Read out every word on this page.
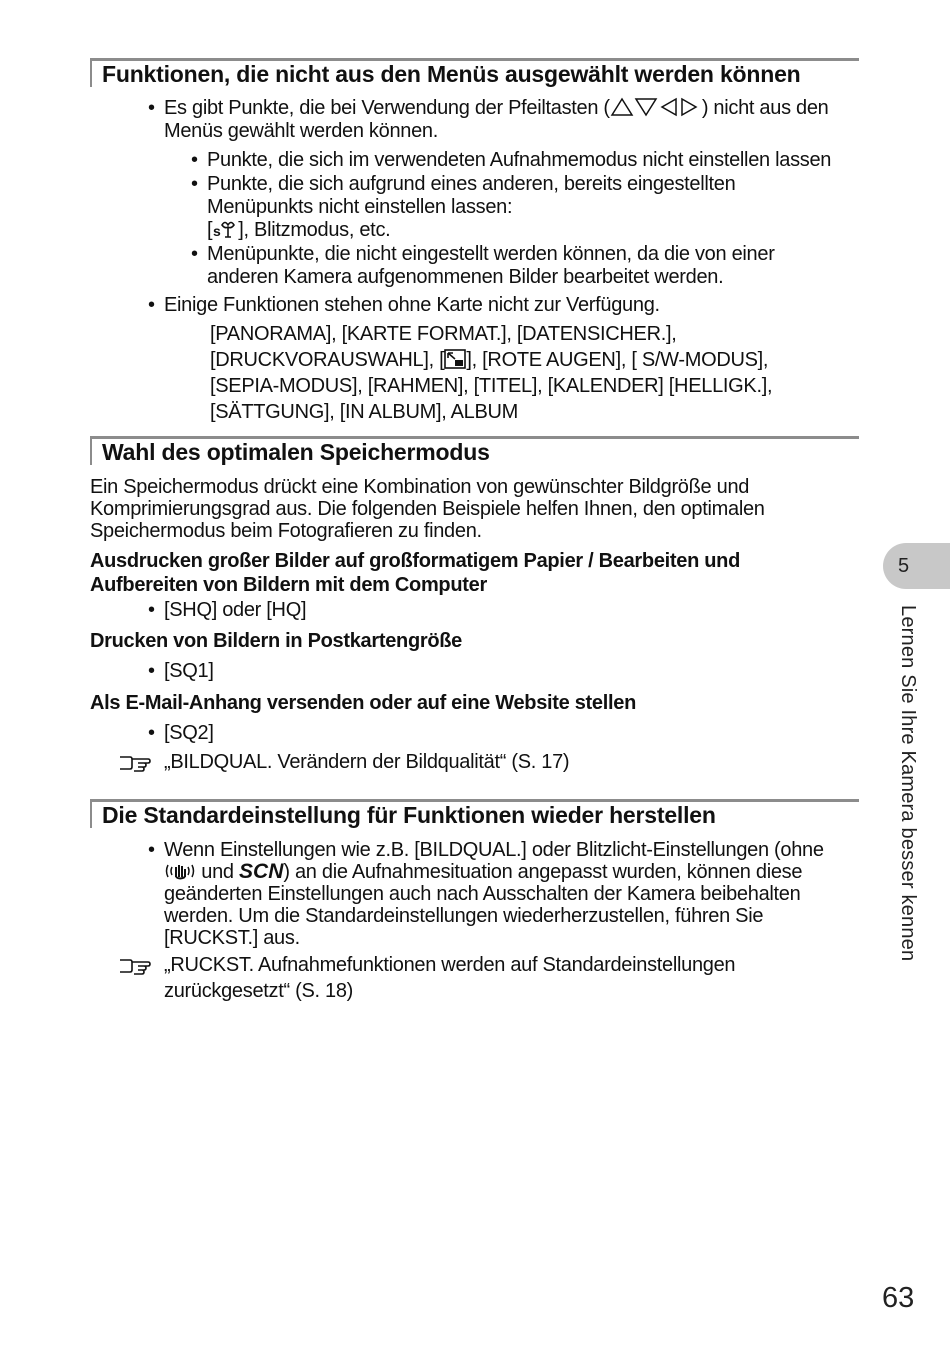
Funktionen, die nicht aus den Menüs ausgewählt werden können
• Es gibt Punkte, die bei Verwendung der Pfeiltasten (	) nicht aus den
Menüs gewählt werden können.
• Punkte, die sich im verwendeten Aufnahmemodus nicht einstellen lassen
• Punkte, die sich aufgrund eines anderen, bereits eingestellten
Menüpunkts nicht einstellen lassen:
[ s ], Blitzmodus, etc.
• Menüpunkte, die nicht eingestellt werden können, da die von einer
anderen Kamera aufgenommenen Bilder bearbeitet werden.
• Einige Funktionen stehen ohne Karte nicht zur Verfügung.
[PANORAMA], [KARTE FORMAT.], [DATENSICHER.],
[DRUCKVORAUSWAHL], [ ], [ROTE AUGEN], [ S/W-MODUS],
[SEPIA-MODUS], [RAHMEN], [TITEL], [KALENDER] [HELLIGK.],
[SÄTTGUNG], [IN ALBUM], ALBUM
Wahl des optimalen Speichermodus
Ein Speichermodus drückt eine Kombination von gewünschter Bildgröße und
Komprimierungsgrad aus. Die folgenden Beispiele helfen Ihnen, den optimalen
Speichermodus beim Fotografieren zu finden.
Ausdrucken großer Bilder auf großformatigem Papier / Bearbeiten und
Aufbereiten von Bildern mit dem Computer
• [SHQ] oder [HQ]
Drucken von Bildern in Postkartengröße
• [SQ1]
Als E-Mail-Anhang versenden oder auf eine Website stellen
• [SQ2]
„BILDQUAL. Verändern der Bildqualität“ (S. 17)
Die Standardeinstellung für Funktionen wieder herstellen
• Wenn Einstellungen wie z.B. [BILDQUAL.] oder Blitzlicht-Einstellungen (ohne
und SCN) an die Aufnahmesituation angepasst wurden, können diese
geänderten Einstellungen auch nach Ausschalten der Kamera beibehalten
werden. Um die Standardeinstellungen wiederherzustellen, führen Sie
[RUCKST.] aus.
„RUCKST. Aufnahmefunktionen werden auf Standardeinstellungen
zurückgesetzt“ (S. 18)
5
Lernen Sie Ihre Kamera besser kennen
63
